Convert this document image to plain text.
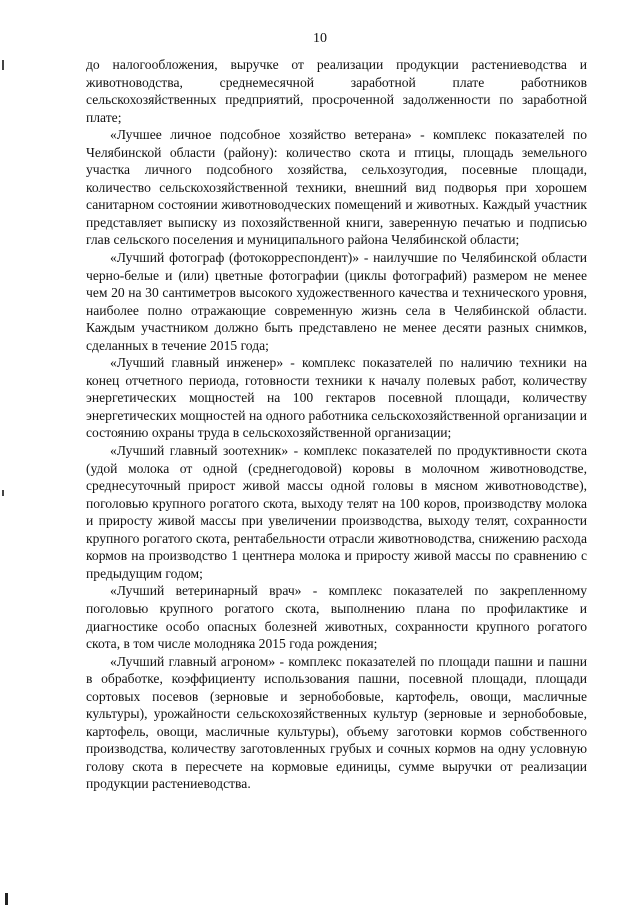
10

до налогообложения, выручке от реализации продукции растениеводства и животноводства, среднемесячной заработной плате работников сельскохозяйственных предприятий, просроченной задолженности по заработной плате;

«Лучшее личное подсобное хозяйство ветерана» - комплекс показателей по Челябинской области (району): количество скота и птицы, площадь земельного участка личного подсобного хозяйства, сельхозугодия, посевные площади, количество сельскохозяйственной техники, внешний вид подворья при хорошем санитарном состоянии животноводческих помещений и животных. Каждый участник представляет выписку из похозяйственной книги, заверенную печатью и подписью глав сельского поселения и муниципального района Челябинской области;

«Лучший фотограф (фотокорреспондент)» - наилучшие по Челябинской области черно-белые и (или) цветные фотографии (циклы фотографий) размером не менее чем 20 на 30 сантиметров высокого художественного качества и технического уровня, наиболее полно отражающие современную жизнь села в Челябинской области. Каждым участником должно быть представлено не менее десяти разных снимков, сделанных в течение 2015 года;

«Лучший главный инженер» - комплекс показателей по наличию техники на конец отчетного периода, готовности техники к началу полевых работ, количеству энергетических мощностей на 100 гектаров посевной площади, количеству энергетических мощностей на одного работника сельскохозяйственной организации и состоянию охраны труда в сельскохозяйственной организации;

«Лучший главный зоотехник» - комплекс показателей по продуктивности скота (удой молока от одной (среднегодовой) коровы в молочном животноводстве, среднесуточный прирост живой массы одной головы в мясном животноводстве), поголовью крупного рогатого скота, выходу телят на 100 коров, производству молока и приросту живой массы при увеличении производства, выходу телят, сохранности крупного рогатого скота, рентабельности отрасли животноводства, снижению расхода кормов на производство 1 центнера молока и приросту живой массы по сравнению с предыдущим годом;

«Лучший ветеринарный врач» - комплекс показателей по закрепленному поголовью крупного рогатого скота, выполнению плана по профилактике и диагностике особо опасных болезней животных, сохранности крупного рогатого скота, в том числе молодняка 2015 года рождения;

«Лучший главный агроном» - комплекс показателей по площади пашни и пашни в обработке, коэффициенту использования пашни, посевной площади, площади сортовых посевов (зерновые и зернобобовые, картофель, овощи, масличные культуры), урожайности сельскохозяйственных культур (зерновые и зернобобовые, картофель, овощи, масличные культуры), объему заготовки кормов собственного производства, количеству заготовленных грубых и сочных кормов на одну условную голову скота в пересчете на кормовые единицы, сумме выручки от реализации продукции растениеводства.
